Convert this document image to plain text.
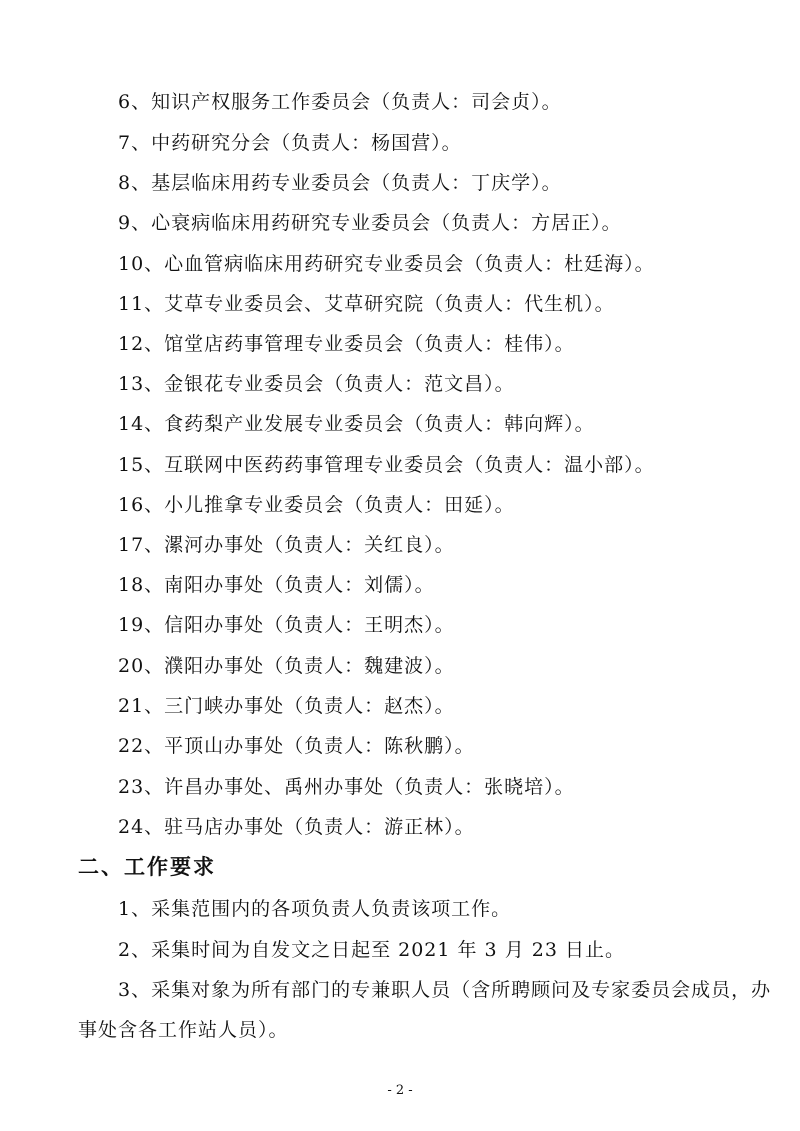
6、知识产权服务工作委员会（负责人：司会贞）。
7、中药研究分会（负责人：杨国营）。
8、基层临床用药专业委员会（负责人：丁庆学）。
9、心衰病临床用药研究专业委员会（负责人：方居正）。
10、心血管病临床用药研究专业委员会（负责人：杜廷海）。
11、艾草专业委员会、艾草研究院（负责人：代生机）。
12、馆堂店药事管理专业委员会（负责人：桂伟）。
13、金银花专业委员会（负责人：范文昌）。
14、食药梨产业发展专业委员会（负责人：韩向辉）。
15、互联网中医药药事管理专业委员会（负责人：温小部）。
16、小儿推拿专业委员会（负责人：田延）。
17、漯河办事处（负责人：关红良）。
18、南阳办事处（负责人：刘儒）。
19、信阳办事处（负责人：王明杰）。
20、濮阳办事处（负责人：魏建波）。
21、三门峡办事处（负责人：赵杰）。
22、平顶山办事处（负责人：陈秋鹏）。
23、许昌办事处、禹州办事处（负责人：张晓培）。
24、驻马店办事处（负责人：游正林）。
二、工作要求
1、采集范围内的各项负责人负责该项工作。
2、采集时间为自发文之日起至 2021 年 3 月 23 日止。
3、采集对象为所有部门的专兼职人员（含所聘顾问及专家委员会成员，办
事处含各工作站人员）。
- 2 -
